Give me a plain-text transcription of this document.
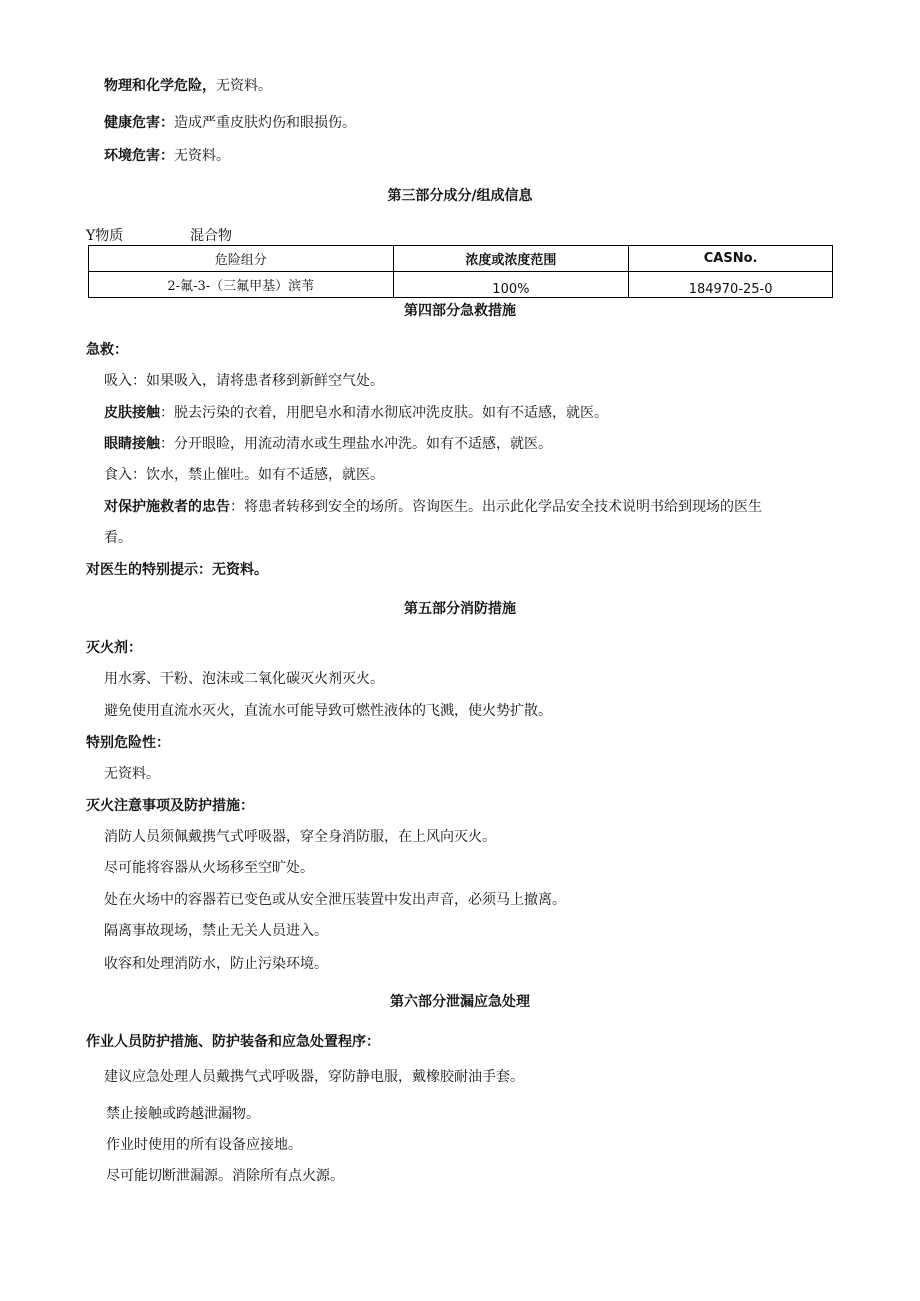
物理和化学危险，无资料。
健康危害：造成严重皮肤灼伤和眼损伤。
环境危害：无资料。
第三部分成分/组成信息
Y物质	混合物
危险组分	浓度或浓度范围	CASNo.
2-氟-3-（三氟甲基）滨苇	100%	184970-25-0
第四部分急救措施
急救：
吸入：如果吸入，请将患者移到新鲜空气处。
皮肤接触：脱去污染的衣着，用肥皂水和清水彻底冲洗皮肤。如有不适感，就医。
眼睛接触：分开眼睑，用流动清水或生理盐水冲洗。如有不适感，就医。
食入：饮水，禁止催吐。如有不适感，就医。
对保护施救者的忠告：将患者转移到安全的场所。咨询医生。出示此化学品安全技术说明书给到现场的医生
看。
对医生的特别提示：无资料。
第五部分消防措施
灭火剂：
用水雾、干粉、泡沫或二氧化碳灭火剂灭火。
避免使用直流水灭火，直流水可能导致可燃性液体的飞溅，使火势扩散。
特别危险性：
无资料。
灭火注意事项及防护措施：
消防人员须佩戴携气式呼吸器，穿全身消防服，在上风向灭火。
尽可能将容器从火场移至空旷处。
处在火场中的容器若已变色或从安全泄压装置中发出声音，必须马上撤离。
隔离事故现场，禁止无关人员进入。
收容和处理消防水，防止污染环境。
第六部分泄漏应急处理
作业人员防护措施、防护装备和应急处置程序：
建议应急处理人员戴携气式呼吸器，穿防静电服，戴橡胶耐油手套。
禁止接触或跨越泄漏物。
作业时使用的所有设备应接地。
尽可能切断泄漏源。消除所有点火源。
